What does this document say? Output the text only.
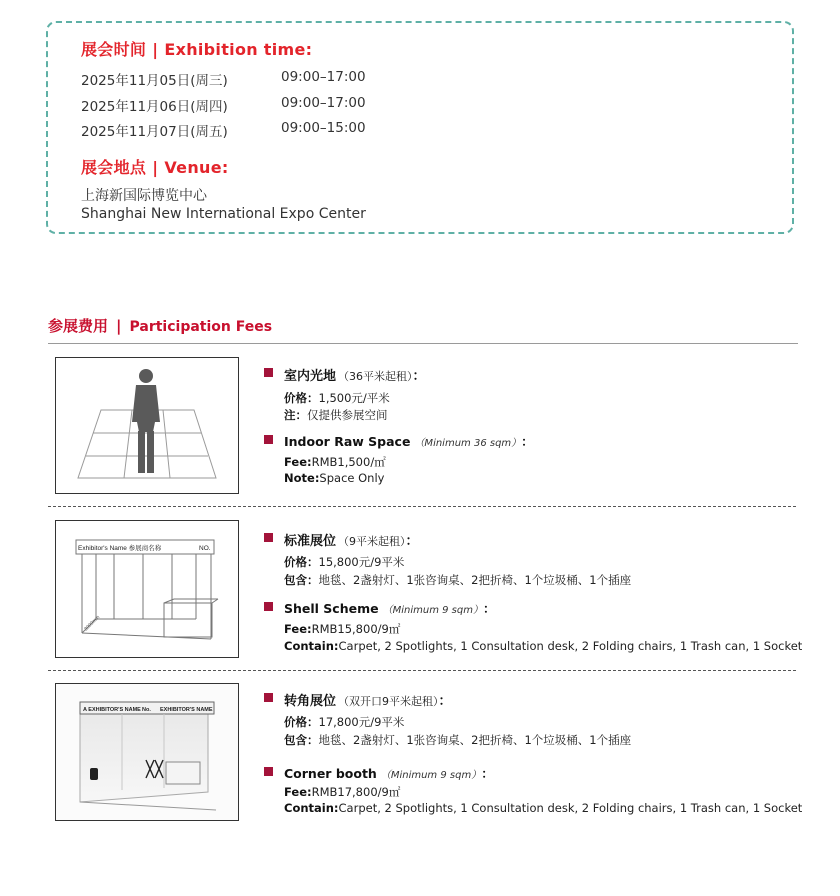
展会时间 | Exhibition time:
2025年11月05日(周三)	09:00–17:00
2025年11月06日(周四)	09:00–17:00
2025年11月07日(周五)	09:00–15:00
展会地点 | Venue:
上海新国际博览中心
Shanghai New International Expo Center
参展费用 | Participation Fees
室内光地 （36平米起租）：
价格：1,500元/平米
注：仅提供参展空间
Indoor Raw Space （Minimum 36 sqm）：
Fee:RMB1,500/㎡
Note:Space Only
Exhibitor's Name 参展商名称	NO.
3000mm
标准展位 （9平米起租）：
价格：15,800元/9平米
包含：地毯、2盏射灯、1张咨询桌、2把折椅、1个垃圾桶、1个插座
Shell Scheme （Minimum 9 sqm）：
Fee:RMB15,800/9㎡
Contain:Carpet, 2 Spotlights, 1 Consultation desk, 2 Folding chairs, 1 Trash can, 1 Socket
A EXHIBITOR'S NAME No. EXHIBITOR'S NAME
转角展位 （双开口9平米起租）：
价格：17,800元/9平米
包含：地毯、2盏射灯、1张咨询桌、2把折椅、1个垃圾桶、1个插座
Corner booth （Minimum 9 sqm）：
Fee:RMB17,800/9㎡
Contain:Carpet, 2 Spotlights, 1 Consultation desk, 2 Folding chairs, 1 Trash can, 1 Socket
